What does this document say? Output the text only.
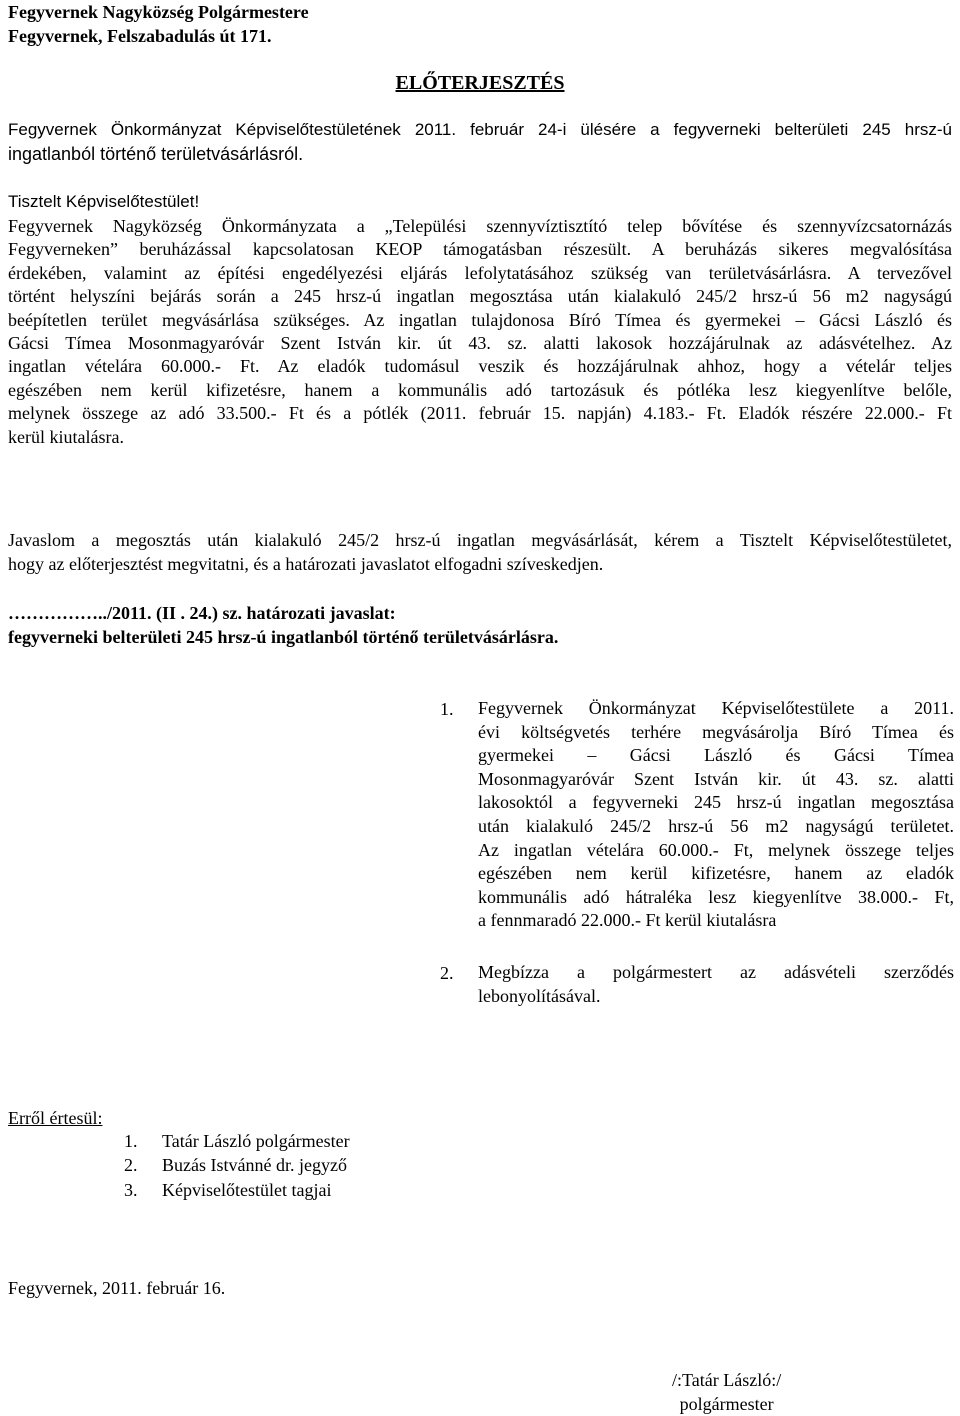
Fegyvernek Nagyközség Polgármestere
Fegyvernek, Felszabadulás út 171.
ELŐTERJESZTÉS
Fegyvernek Önkormányzat Képviselőtestületének 2011. február 24-i ülésére a fegyverneki belterületi 245 hrsz-ú
ingatlanból történő területvásárlásról.
Tisztelt Képviselőtestület!
Fegyvernek Nagyközség Önkormányzata a „Települési szennyvíztisztító telep bővítése és szennyvízcsatornázás
Fegyverneken” beruházással kapcsolatosan KEOP támogatásban részesült. A beruházás sikeres megvalósítása
érdekében, valamint az építési engedélyezési eljárás lefolytatásához szükség van területvásárlásra. A tervezővel
történt helyszíni bejárás során a 245 hrsz-ú ingatlan megosztása után kialakuló 245/2 hrsz-ú 56 m2 nagyságú
beépítetlen terület megvásárlása szükséges. Az ingatlan tulajdonosa Bíró Tímea és gyermekei – Gácsi László és
Gácsi Tímea Mosonmagyaróvár Szent István kir. út 43. sz. alatti lakosok hozzájárulnak az adásvételhez. Az
ingatlan vételára 60.000.- Ft. Az eladók tudomásul veszik és hozzájárulnak ahhoz, hogy a vételár teljes
egészében nem kerül kifizetésre, hanem a kommunális adó tartozásuk és pótléka lesz kiegyenlítve belőle,
melynek összege az adó 33.500.- Ft és a pótlék (2011. február 15. napján) 4.183.- Ft. Eladók részére 22.000.- Ft
kerül kiutalásra.
Javaslom a megosztás után kialakuló 245/2 hrsz-ú ingatlan megvásárlását, kérem a Tisztelt Képviselőtestületet,
hogy az előterjesztést megvitatni, és a határozati javaslatot elfogadni szíveskedjen.
……………../2011. (II . 24.) sz. határozati javaslat:
fegyverneki belterületi 245 hrsz-ú ingatlanból történő területvásárlásra.
1.	Fegyvernek Önkormányzat Képviselőtestülete a 2011.
évi költségvetés terhére megvásárolja Bíró Tímea és
gyermekei – Gácsi László és Gácsi Tímea
Mosonmagyaróvár Szent István kir. út 43. sz. alatti
lakosoktól a fegyverneki 245 hrsz-ú ingatlan megosztása
után kialakuló 245/2 hrsz-ú 56 m2 nagyságú területet.
Az ingatlan vételára 60.000.- Ft, melynek összege teljes
egészében nem kerül kifizetésre, hanem az eladók
kommunális adó hátraléka lesz kiegyenlítve 38.000.- Ft,
a fennmaradó 22.000.- Ft kerül kiutalásra
2.	Megbízza a polgármestert az adásvételi szerződés
lebonyolításával.
Erről értesül:
1. Tatár László polgármester
2. Buzás Istvánné dr. jegyző
3. Képviselőtestület tagjai
Fegyvernek, 2011. február 16.
/:Tatár László:/
polgármester
